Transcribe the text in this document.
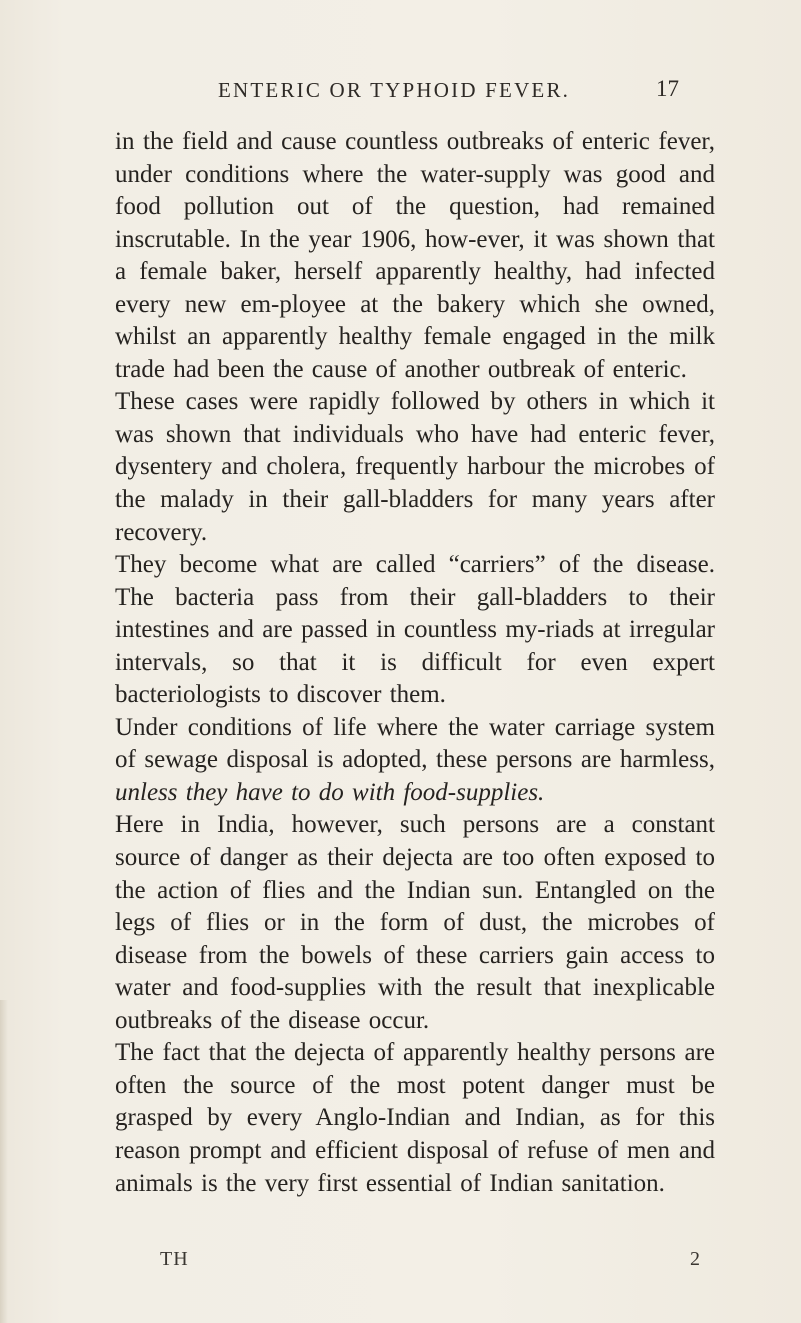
ENTERIC OR TYPHOID FEVER.	17

in the field and cause countless outbreaks of enteric fever, under conditions where the water-supply was good and food pollution out of the question, had remained inscrutable. In the year 1906, how-ever, it was shown that a female baker, herself apparently healthy, had infected every new em-ployee at the bakery which she owned, whilst an apparently healthy female engaged in the milk trade had been the cause of another outbreak of enteric.

These cases were rapidly followed by others in which it was shown that individuals who have had enteric fever, dysentery and cholera, frequently harbour the microbes of the malady in their gall-bladders for many years after recovery.

They become what are called “carriers” of the disease. The bacteria pass from their gall-bladders to their intestines and are passed in countless my-riads at irregular intervals, so that it is difficult for even expert bacteriologists to discover them.

Under conditions of life where the water carriage system of sewage disposal is adopted, these persons are harmless, unless they have to do with food-supplies.

Here in India, however, such persons are a constant source of danger as their dejecta are too often exposed to the action of flies and the Indian sun. Entangled on the legs of flies or in the form of dust, the microbes of disease from the bowels of these carriers gain access to water and food-supplies with the result that inexplicable outbreaks of the disease occur.

The fact that the dejecta of apparently healthy persons are often the source of the most potent danger must be grasped by every Anglo-Indian and Indian, as for this reason prompt and efficient disposal of refuse of men and animals is the very first essential of Indian sanitation.

TH	2
